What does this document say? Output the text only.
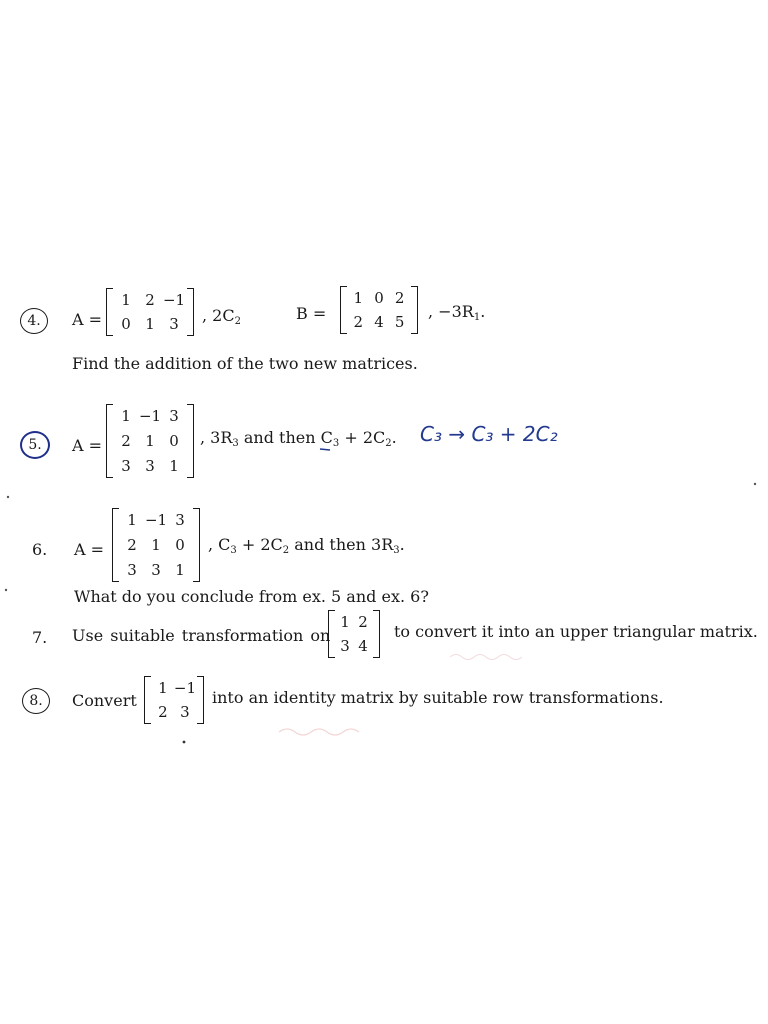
4.	A =
1 2 −1
0 1 3	, $2C_2$	B =
1 0 2
2 4 5
, $-3R_1$.
Find the addition of the two new matrices.
5.	A =
1 −1 3
2 1 0
3 3 1
, $3R_3$ and then $C_3 + 2C_2$. C₃ → C₃ + 2C₂
6. A =
1 −1 3
2 1 0
3 3 1
, $C_3 + 2C_2$ and then $3R_3$.
What do you conclude from ex. 5 and ex. 6?
7. Use suitable transformation on
1 2
3 4
to convert it into an upper triangular matrix.
8.	Convert
1 −1
2 3
into an identity matrix by suitable row transformations.
